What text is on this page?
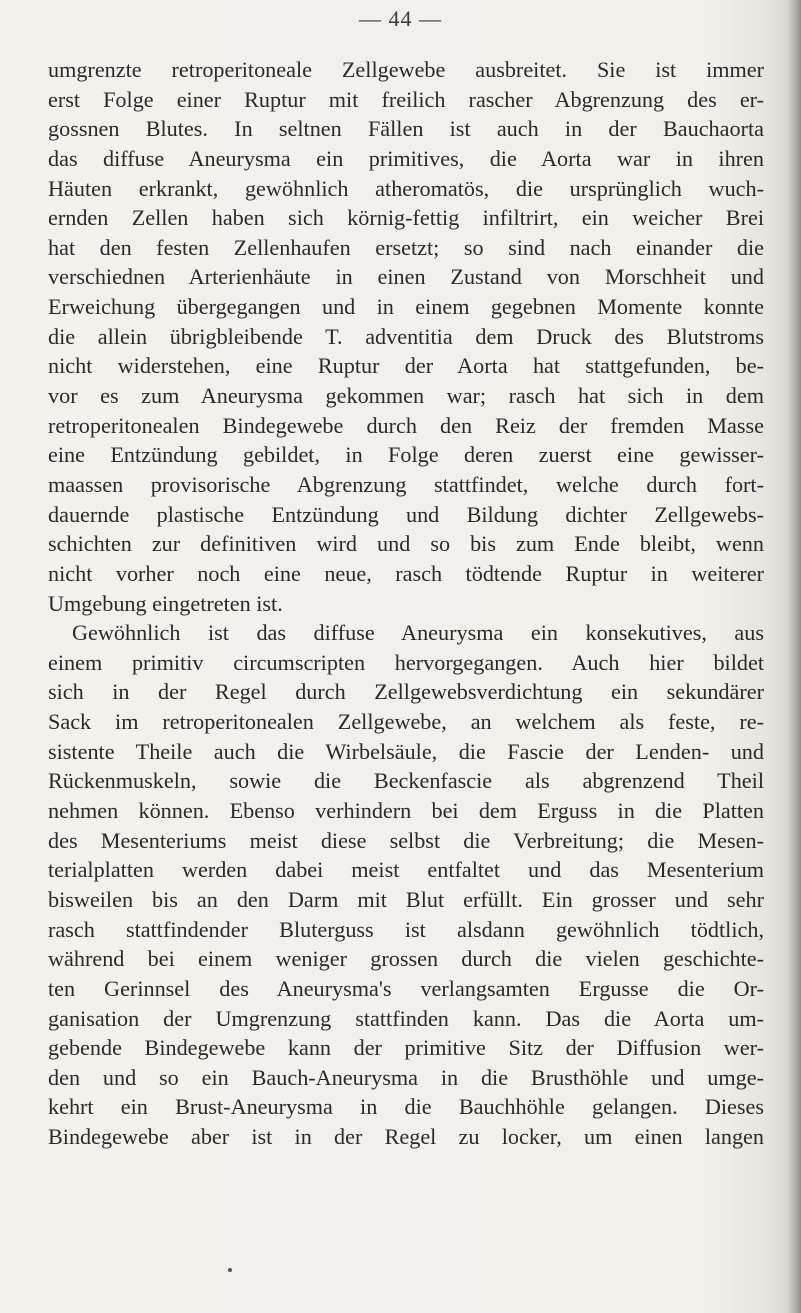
— 44 —
umgrenzte retroperitoneale Zellgewebe ausbreitet. Sie ist immer
erst Folge einer Ruptur mit freilich rascher Abgrenzung des er-
gossnen Blutes. In seltnen Fällen ist auch in der Bauchaorta
das diffuse Aneurysma ein primitives, die Aorta war in ihren
Häuten erkrankt, gewöhnlich atheromatös, die ursprünglich wuch-
ernden Zellen haben sich körnig-fettig infiltrirt, ein weicher Brei
hat den festen Zellenhaufen ersetzt; so sind nach einander die
verschiednen Arterienhäute in einen Zustand von Morschheit und
Erweichung übergegangen und in einem gegebnen Momente konnte
die allein übrigbleibende T. adventitia dem Druck des Blutstroms
nicht widerstehen, eine Ruptur der Aorta hat stattgefunden, be-
vor es zum Aneurysma gekommen war; rasch hat sich in dem
retroperitonealen Bindegewebe durch den Reiz der fremden Masse
eine Entzündung gebildet, in Folge deren zuerst eine gewisser-
maassen provisorische Abgrenzung stattfindet, welche durch fort-
dauernde plastische Entzündung und Bildung dichter Zellgewebs-
schichten zur definitiven wird und so bis zum Ende bleibt, wenn
nicht vorher noch eine neue, rasch tödtende Ruptur in weiterer
Umgebung eingetreten ist.
Gewöhnlich ist das diffuse Aneurysma ein konsekutives, aus
einem primitiv circumscripten hervorgegangen. Auch hier bildet
sich in der Regel durch Zellgewebsverdichtung ein sekundärer
Sack im retroperitonealen Zellgewebe, an welchem als feste, re-
sistente Theile auch die Wirbelsäule, die Fascie der Lenden- und
Rückenmuskeln, sowie die Beckenfascie als abgrenzend Theil
nehmen können. Ebenso verhindern bei dem Erguss in die Platten
des Mesenteriums meist diese selbst die Verbreitung; die Mesen-
terialplatten werden dabei meist entfaltet und das Mesenterium
bisweilen bis an den Darm mit Blut erfüllt. Ein grosser und sehr
rasch stattfindender Bluterguss ist alsdann gewöhnlich tödtlich,
während bei einem weniger grossen durch die vielen geschichte-
ten Gerinnsel des Aneurysma's verlangsamten Ergusse die Or-
ganisation der Umgrenzung stattfinden kann. Das die Aorta um-
gebende Bindegewebe kann der primitive Sitz der Diffusion wer-
den und so ein Bauch-Aneurysma in die Brusthöhle und umge-
kehrt ein Brust-Aneurysma in die Bauchhöhle gelangen. Dieses
Bindegewebe aber ist in der Regel zu locker, um einen langen
